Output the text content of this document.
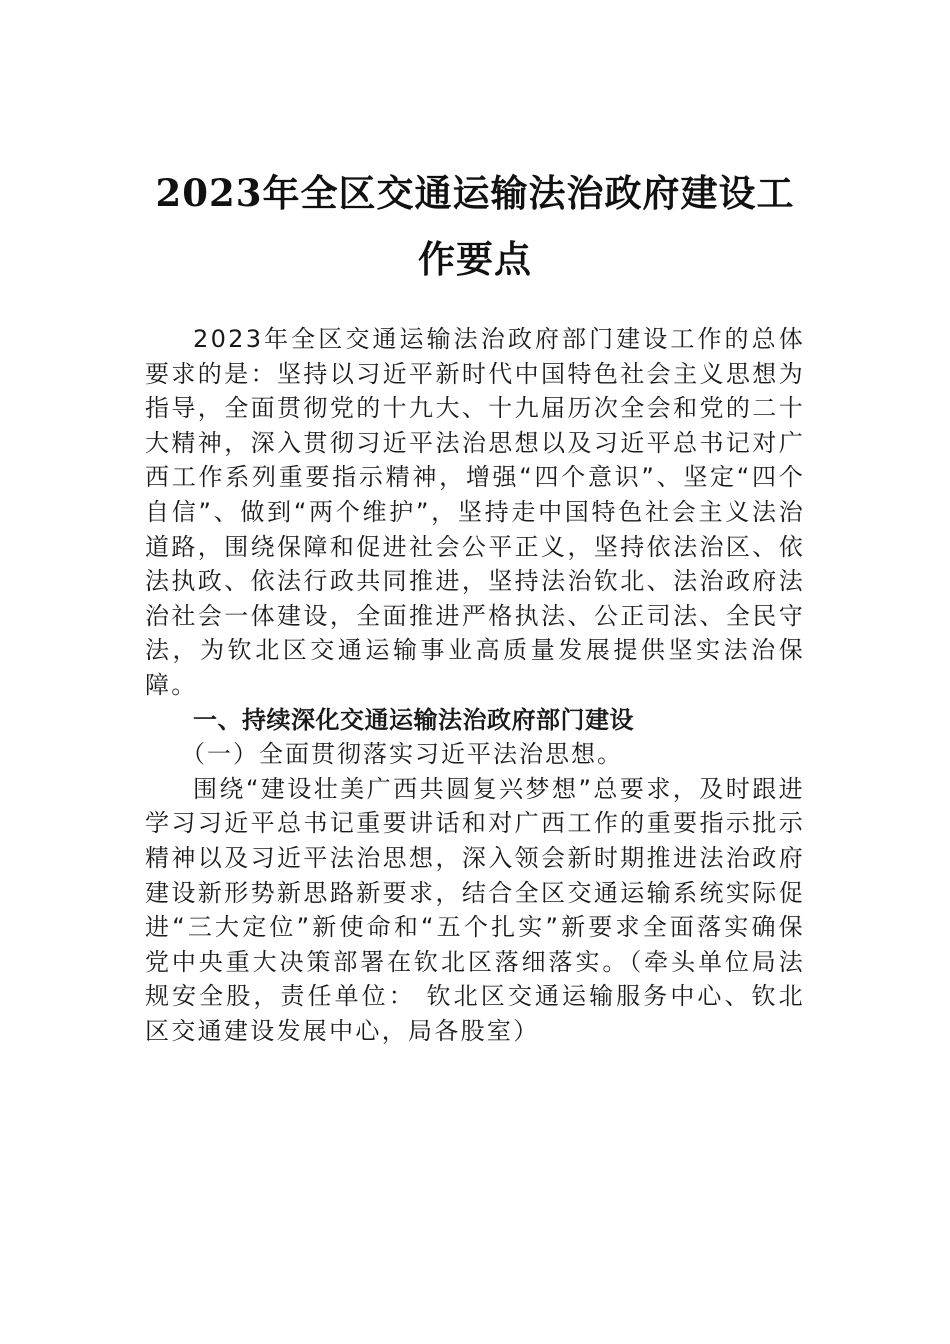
2023年全区交通运输法治政府建设工作要点

2023年全区交通运输法治政府部门建设工作的总体要求的是：坚持以习近平新时代中国特色社会主义思想为指导，全面贯彻党的十九大、十九届历次全会和党的二十大精神，深入贯彻习近平法治思想以及习近平总书记对广西工作系列重要指示精神，增强“四个意识”、坚定“四个自信”、做到“两个维护”，坚持走中国特色社会主义法治道路，围绕保障和促进社会公平正义，坚持依法治区、依法执政、依法行政共同推进，坚持法治钦北、法治政府法治社会一体建设，全面推进严格执法、公正司法、全民守法，为钦北区交通运输事业高质量发展提供坚实法治保障。

一、持续深化交通运输法治政府部门建设

（一）全面贯彻落实习近平法治思想。

围绕“建设壮美广西共圆复兴梦想”总要求，及时跟进学习习近平总书记重要讲话和对广西工作的重要指示批示精神以及习近平法治思想，深入领会新时期推进法治政府建设新形势新思路新要求，结合全区交通运输系统实际促进“三大定位”新使命和“五个扎实”新要求全面落实确保党中央重大决策部署在钦北区落细落实。（牵头单位局法规安全股，责任单位： 钦北区交通运输服务中心、钦北区交通建设发展中心，局各股室）
